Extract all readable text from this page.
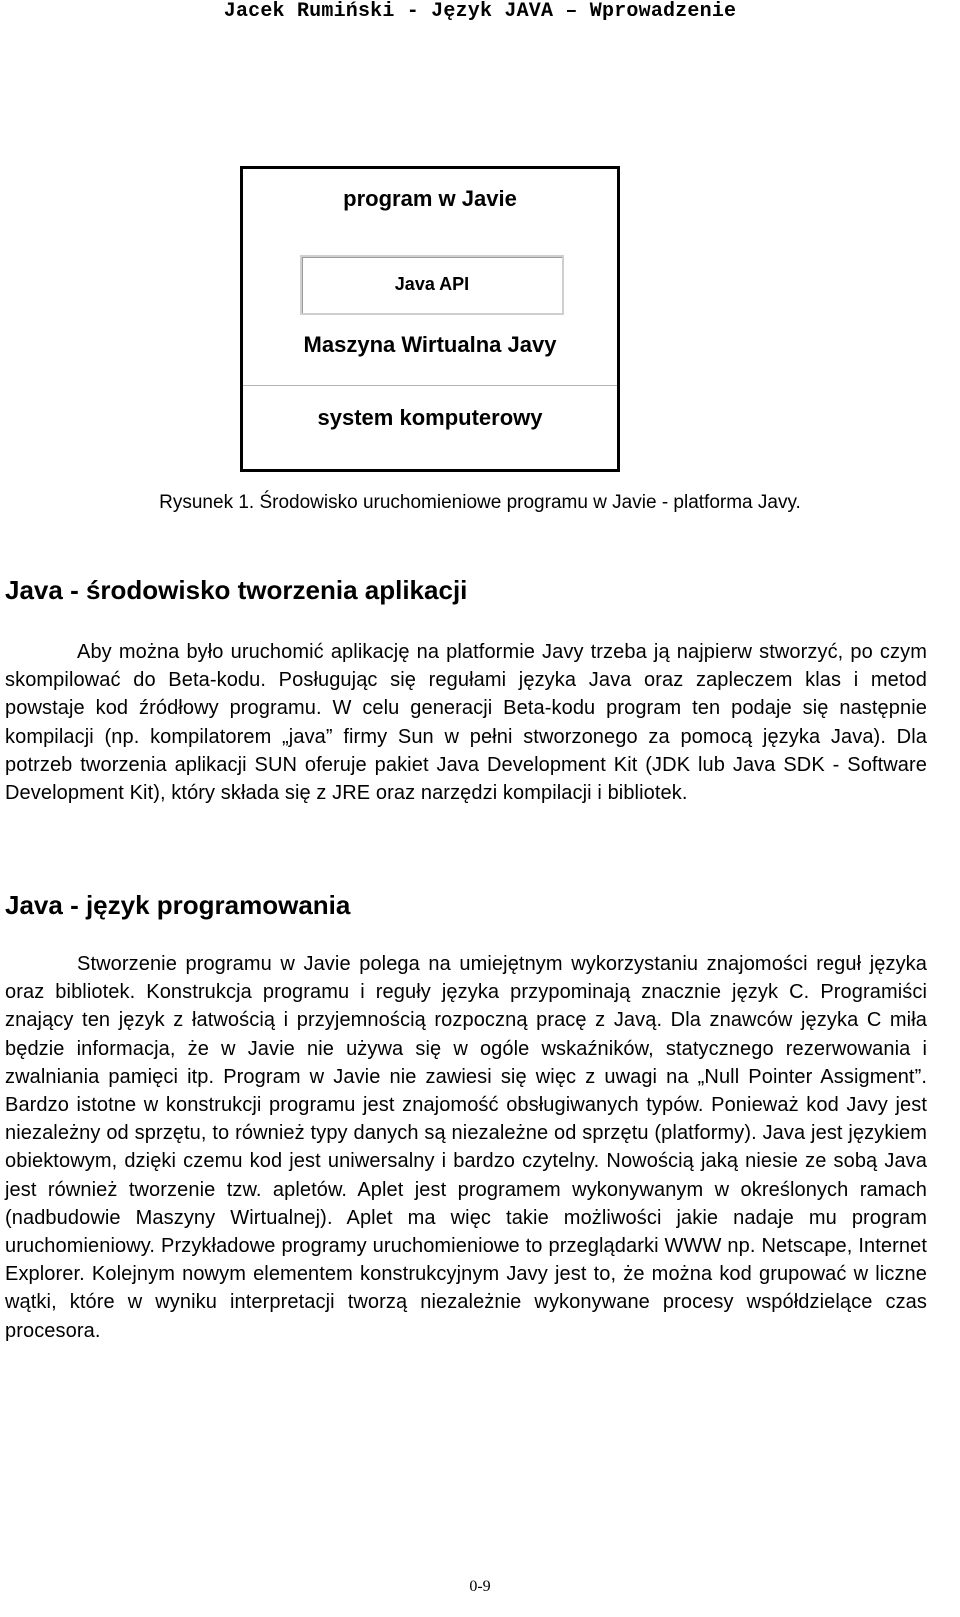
Jacek Rumiński - Język JAVA – Wprowadzenie
program w Javie
Java API
Maszyna Wirtualna Javy
system komputerowy
Rysunek 1. Środowisko uruchomieniowe programu w Javie - platforma Javy.
Java - środowisko tworzenia aplikacji

Aby można było uruchomić aplikację na platformie Javy trzeba ją najpierw stworzyć, po czym skompilować do Beta-kodu. Posługując się regułami języka Java oraz zapleczem klas i metod powstaje kod źródłowy programu. W celu generacji Beta-kodu program ten podaje się następnie kompilacji (np. kompilatorem „java” firmy Sun w pełni stworzonego za pomocą języka Java). Dla potrzeb tworzenia aplikacji SUN oferuje pakiet Java Development Kit (JDK lub Java SDK - Software Development Kit), który składa się z JRE oraz narzędzi kompilacji i bibliotek.

Java - język programowania

Stworzenie programu w Javie polega na umiejętnym wykorzystaniu znajomości reguł języka oraz bibliotek. Konstrukcja programu i reguły języka przypominają znacznie język C. Programiści znający ten język z łatwością i przyjemnością rozpoczną pracę z Javą. Dla znawców języka C miła będzie informacja, że w Javie nie używa się w ogóle wskaźników, statycznego rezerwowania i zwalniania pamięci itp. Program w Javie nie zawiesi się więc z uwagi na „Null Pointer Assigment”. Bardzo istotne w konstrukcji programu jest znajomość obsługiwanych typów. Ponieważ kod Javy jest niezależny od sprzętu, to również typy danych są niezależne od sprzętu (platformy). Java jest językiem obiektowym, dzięki czemu kod jest uniwersalny i bardzo czytelny. Nowością jaką niesie ze sobą Java jest również tworzenie tzw. apletów. Aplet jest programem wykonywanym w określonych ramach (nadbudowie Maszyny Wirtualnej). Aplet ma więc takie możliwości jakie nadaje mu program uruchomieniowy. Przykładowe programy uruchomieniowe to przeglądarki WWW np. Netscape, Internet Explorer. Kolejnym nowym elementem konstrukcyjnym Javy jest to, że można kod grupować w liczne wątki, które w wyniku interpretacji tworzą niezależnie wykonywane procesy współdzielące czas procesora.

0-9
